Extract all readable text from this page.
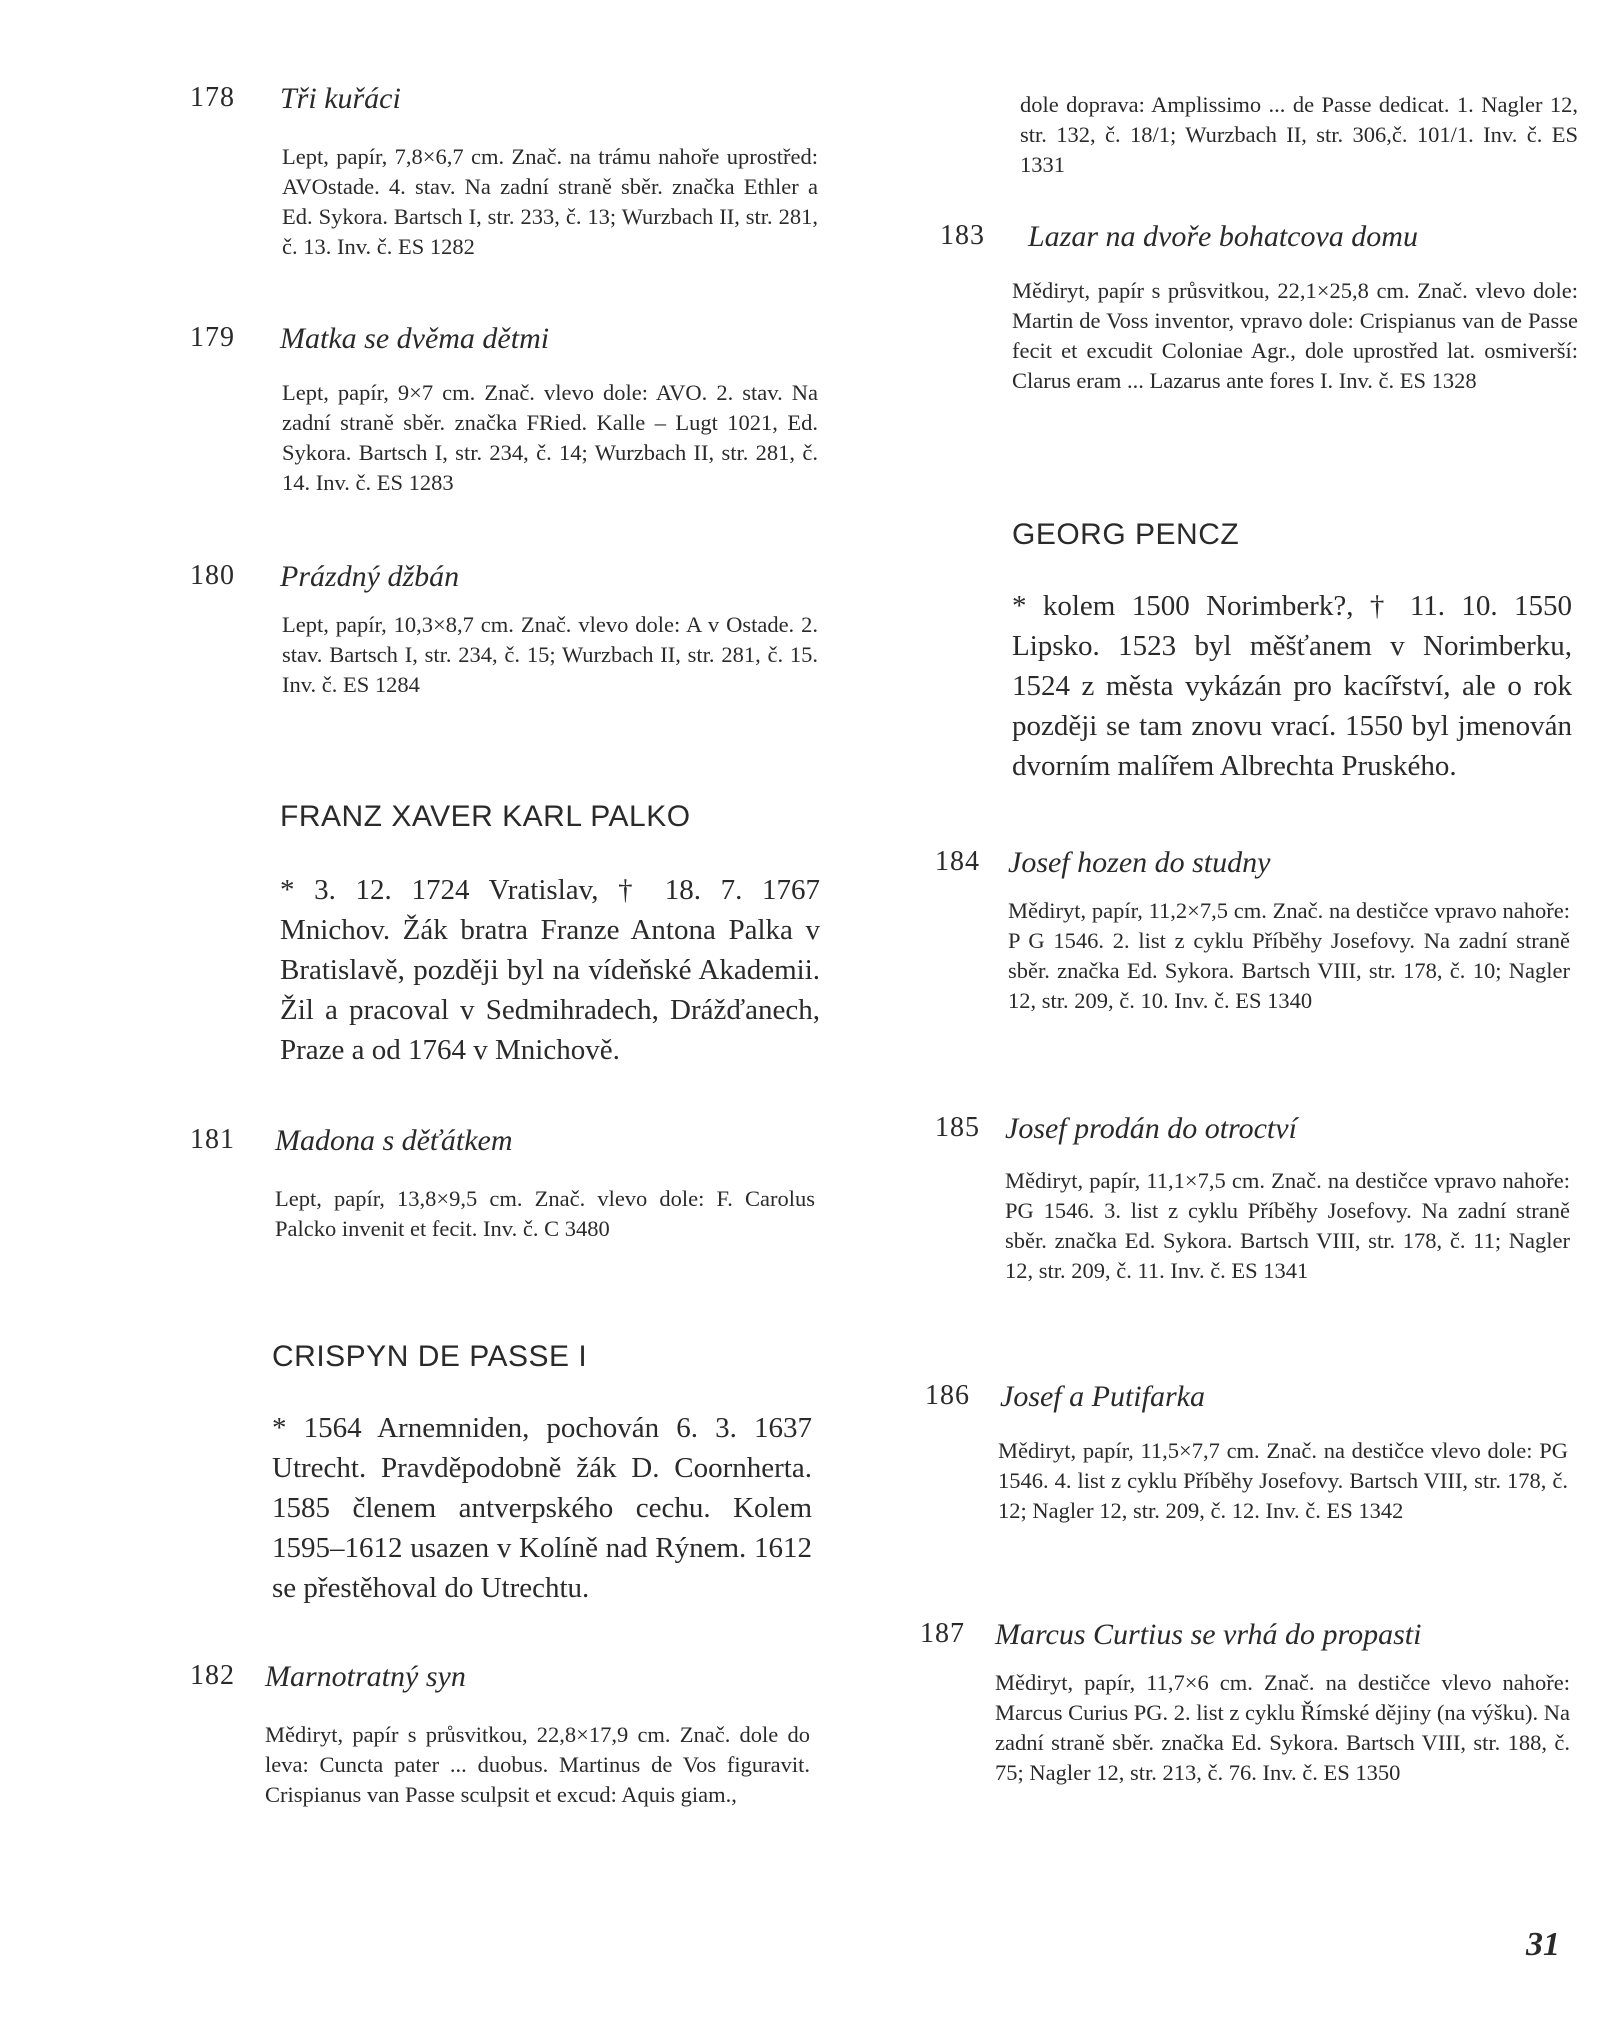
178 Tři kuřáci
Lept, papír, 7,8×6,7 cm. Znač. na trámu nahoře uprostřed: AVOstade. 4. stav. Na zadní straně sběr. značka Ethler a Ed. Sykora. Bartsch I, str. 233, č. 13; Wurzbach II, str. 281, č. 13. Inv. č. ES 1282
179 Matka se dvěma dětmi
Lept, papír, 9×7 cm. Znač. vlevo dole: AVO. 2. stav. Na zadní straně sběr. značka FRied. Kalle – Lugt 1021, Ed. Sykora. Bartsch I, str. 234, č. 14; Wurzbach II, str. 281, č. 14. Inv. č. ES 1283
180 Prázdný džbán
Lept, papír, 10,3×8,7 cm. Znač. vlevo dole: A v Ostade. 2. stav. Bartsch I, str. 234, č. 15; Wurzbach II, str. 281, č. 15. Inv. č. ES 1284
FRANZ XAVER KARL PALKO
* 3. 12. 1724 Vratislav, † 18. 7. 1767 Mnichov. Žák bratra Franze Antona Palka v Bratislavě, později byl na vídeňské Akademii. Žil a pracoval v Sedmihradech, Drážďanech, Praze a od 1764 v Mnichově.
181 Madona s děťátkem
Lept, papír, 13,8×9,5 cm. Znač. vlevo dole: F. Carolus Palcko invenit et fecit. Inv. č. C 3480
CRISPYN DE PASSE I
* 1564 Arnemniden, pochován 6. 3. 1637 Utrecht. Pravděpodobně žák D. Coornherta. 1585 členem antverpského cechu. Kolem 1595–1612 usazen v Kolíně nad Rýnem. 1612 se přestěhoval do Utrechtu.
182 Marnotratný syn
Mědiryt, papír s průsvitkou, 22,8×17,9 cm. Znač. dole do leva: Cuncta pater ... duobus. Martinus de Vos figuravit. Crispianus van Passe sculpsit et excud: Aquis giam.,
dole doprava: Amplissimo ... de Passe dedicat. 1. Nagler 12, str. 132, č. 18/1; Wurzbach II, str. 306,č. 101/1. Inv. č. ES 1331
183 Lazar na dvoře bohatcova domu
Mědiryt, papír s průsvitkou, 22,1×25,8 cm. Znač. vlevo dole: Martin de Voss inventor, vpravo dole: Crispianus van de Passe fecit et excudit Coloniae Agr., dole uprostřed lat. osmiverší: Clarus eram ... Lazarus ante fores I. Inv. č. ES 1328
GEORG PENCZ
* kolem 1500 Norimberk?, † 11. 10. 1550 Lipsko. 1523 byl měšťanem v Norimberku, 1524 z města vykázán pro kacířství, ale o rok později se tam znovu vrací. 1550 byl jmenován dvorním malířem Albrechta Pruského.
184 Josef hozen do studny
Mědiryt, papír, 11,2×7,5 cm. Znač. na destičce vpravo nahoře: P G 1546. 2. list z cyklu Příběhy Josefovy. Na zadní straně sběr. značka Ed. Sykora. Bartsch VIII, str. 178, č. 10; Nagler 12, str. 209, č. 10. Inv. č. ES 1340
185 Josef prodán do otroctví
Mědiryt, papír, 11,1×7,5 cm. Znač. na destičce vpravo nahoře: PG 1546. 3. list z cyklu Příběhy Josefovy. Na zadní straně sběr. značka Ed. Sykora. Bartsch VIII, str. 178, č. 11; Nagler 12, str. 209, č. 11. Inv. č. ES 1341
186 Josef a Putifarka
Mědiryt, papír, 11,5×7,7 cm. Znač. na destičce vlevo dole: PG 1546. 4. list z cyklu Příběhy Josefovy. Bartsch VIII, str. 178, č. 12; Nagler 12, str. 209, č. 12. Inv. č. ES 1342
187 Marcus Curtius se vrhá do propasti
Mědiryt, papír, 11,7×6 cm. Znač. na destičce vlevo nahoře: Marcus Curius PG. 2. list z cyklu Římské dějiny (na výšku). Na zadní straně sběr. značka Ed. Sykora. Bartsch VIII, str. 188, č. 75; Nagler 12, str. 213, č. 76. Inv. č. ES 1350
31
